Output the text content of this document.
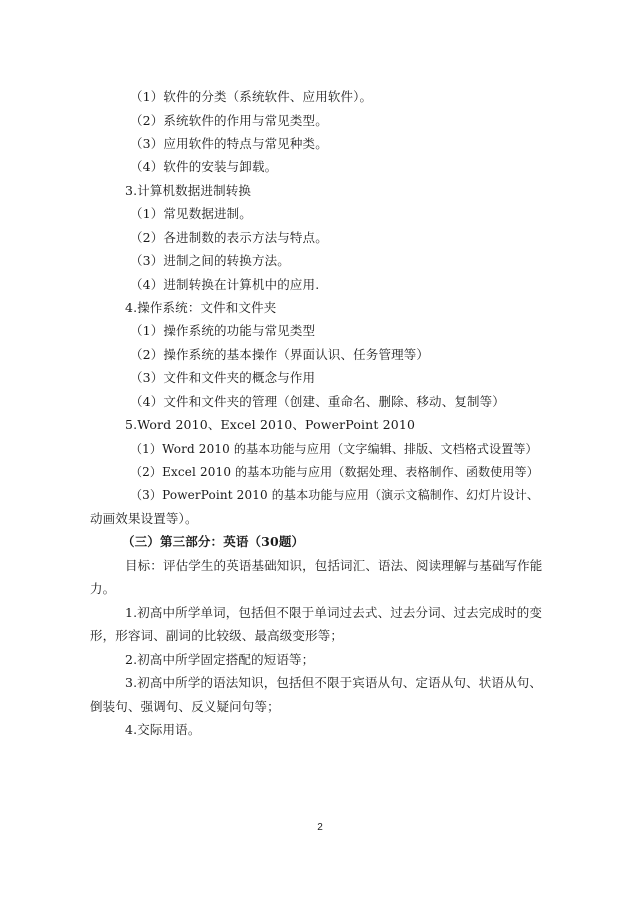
（1）软件的分类（系统软件、应用软件）。
（2）系统软件的作用与常见类型。
（3）应用软件的特点与常见种类。
（4）软件的安装与卸载。
3.计算机数据进制转换
（1）常见数据进制。
（2）各进制数的表示方法与特点。
（3）进制之间的转换方法。
（4）进制转换在计算机中的应用.
4.操作系统：文件和文件夹
（1）操作系统的功能与常见类型
（2）操作系统的基本操作（界面认识、任务管理等）
（3）文件和文件夹的概念与作用
（4）文件和文件夹的管理（创建、重命名、删除、移动、复制等）
5.Word 2010、Excel 2010、PowerPoint 2010
（1）Word 2010 的基本功能与应用（文字编辑、排版、文档格式设置等）
（2）Excel 2010 的基本功能与应用（数据处理、表格制作、函数使用等）
（3）PowerPoint 2010 的基本功能与应用（演示文稿制作、幻灯片设计、
动画效果设置等）。
（三）第三部分：英语（30题）
目标：评估学生的英语基础知识，包括词汇、语法、阅读理解与基础写作能
力。
1.初高中所学单词，包括但不限于单词过去式、过去分词、过去完成时的变
形，形容词、副词的比较级、最高级变形等；
2.初高中所学固定搭配的短语等；
3.初高中所学的语法知识，包括但不限于宾语从句、定语从句、状语从句、
倒装句、强调句、反义疑问句等；
4.交际用语。
2
